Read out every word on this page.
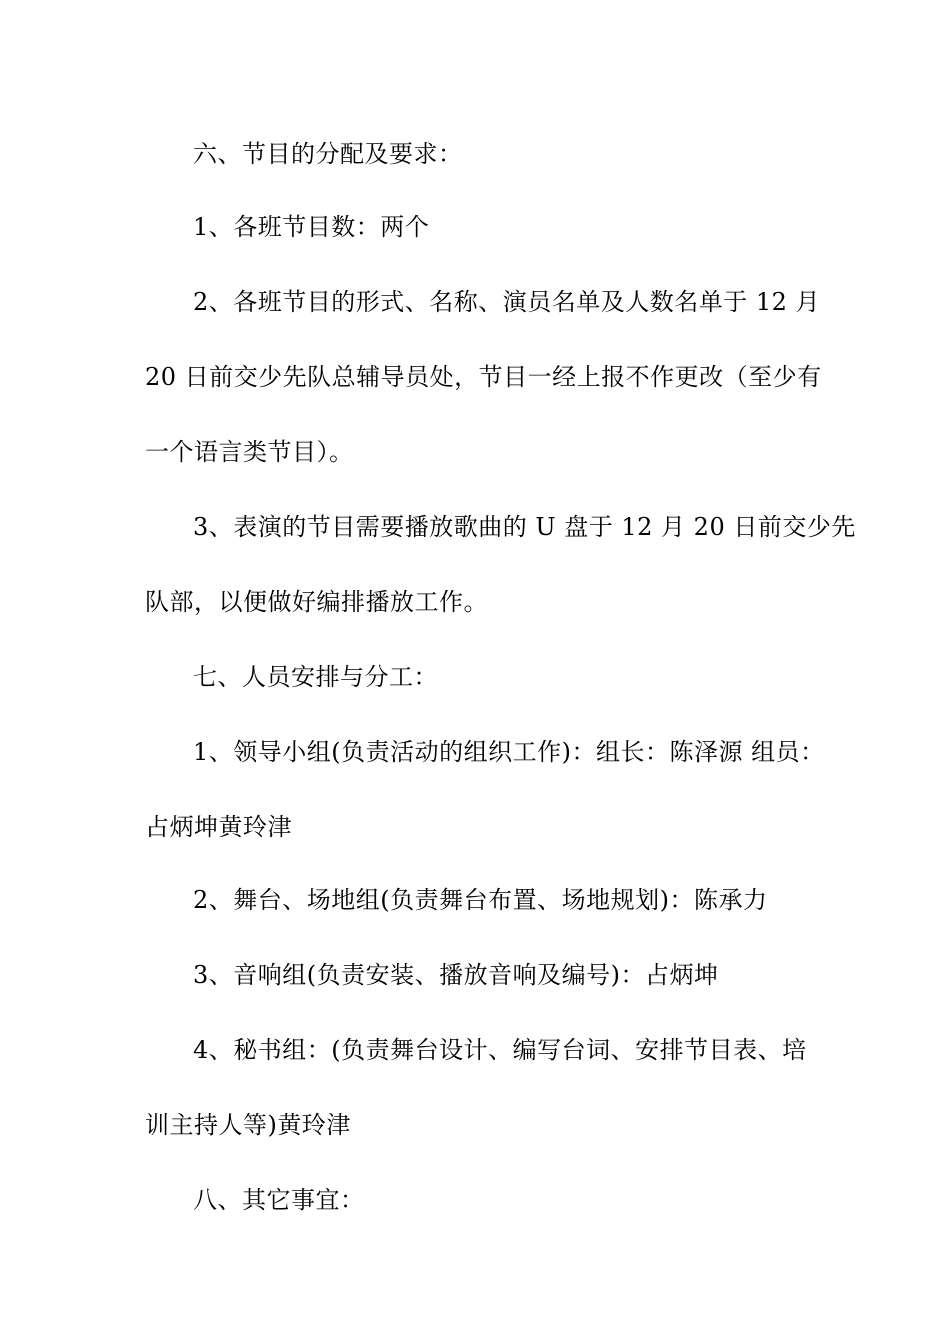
六、节目的分配及要求：
1、各班节目数：两个
2、各班节目的形式、名称、演员名单及人数名单于 12 月
20 日前交少先队总辅导员处，节目一经上报不作更改（至少有
一个语言类节目）。
3、表演的节目需要播放歌曲的 U 盘于 12 月 20 日前交少先
队部，以便做好编排播放工作。
七、人员安排与分工：
1、领导小组(负责活动的组织工作)：组长：陈泽源 组员：
占炳坤黄玲津
2、舞台、场地组(负责舞台布置、场地规划)：陈承力
3、音响组(负责安装、播放音响及编号)：占炳坤
4、秘书组：(负责舞台设计、编写台词、安排节目表、培
训主持人等)黄玲津
八、其它事宜：
